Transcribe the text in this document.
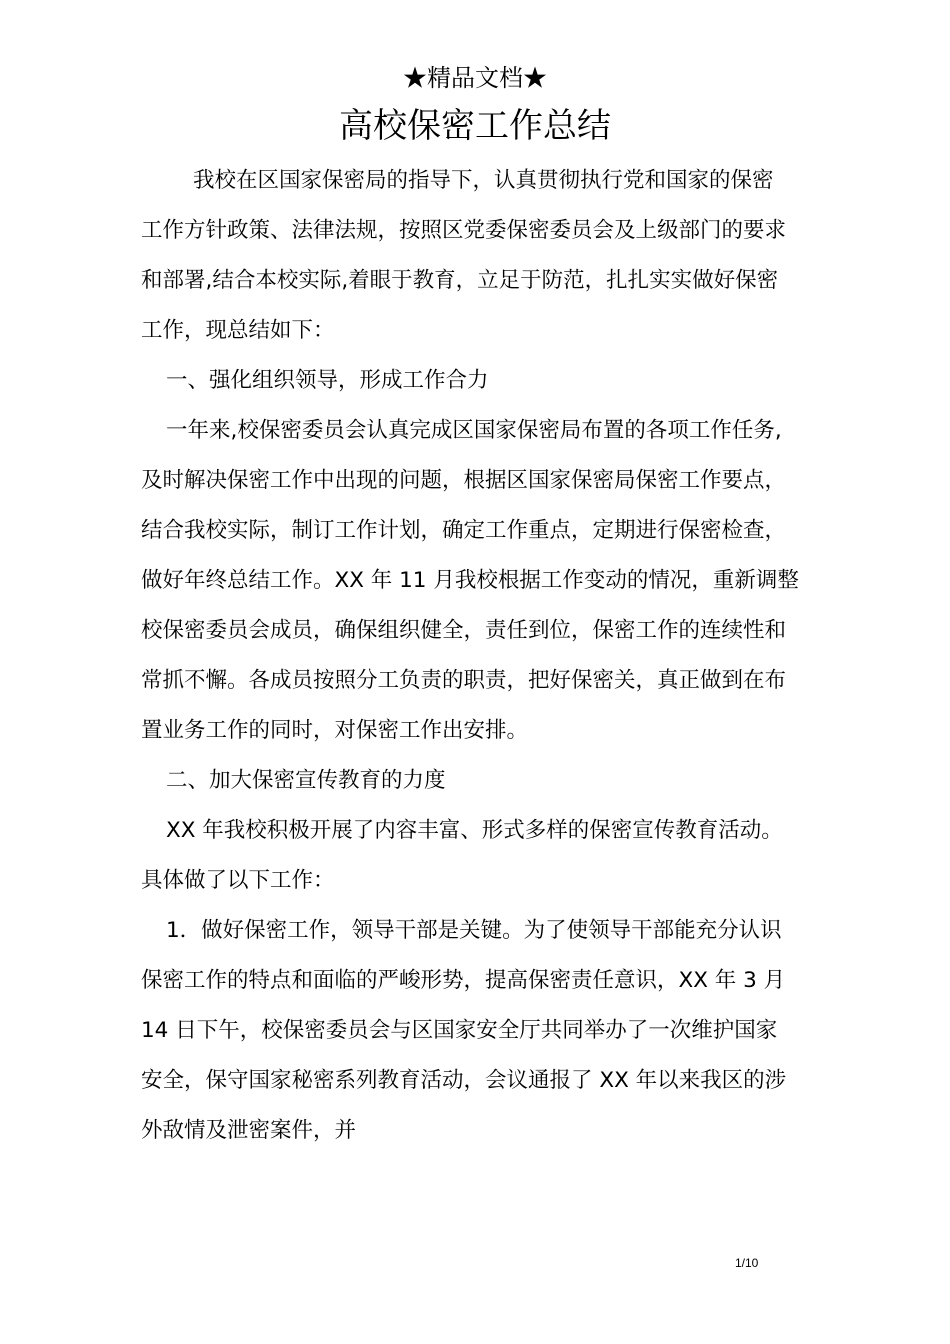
★精品文档★
高校保密工作总结
我校在区国家保密局的指导下，认真贯彻执行党和国家的保密
工作方针政策、法律法规，按照区党委保密委员会及上级部门的要求
和部署,结合本校实际,着眼于教育，立足于防范，扎扎实实做好保密
工作，现总结如下：
一、强化组织领导，形成工作合力
一年来,校保密委员会认真完成区国家保密局布置的各项工作任务,
及时解决保密工作中出现的问题，根据区国家保密局保密工作要点，
结合我校实际，制订工作计划，确定工作重点，定期进行保密检查，
做好年终总结工作。XX 年 11 月我校根据工作变动的情况，重新调整
校保密委员会成员，确保组织健全，责任到位，保密工作的连续性和
常抓不懈。各成员按照分工负责的职责，把好保密关，真正做到在布
置业务工作的同时，对保密工作出安排。
二、加大保密宣传教育的力度
XX 年我校积极开展了内容丰富、形式多样的保密宣传教育活动。
具体做了以下工作：
1．做好保密工作，领导干部是关键。为了使领导干部能充分认识
保密工作的特点和面临的严峻形势，提高保密责任意识，XX 年 3 月
14 日下午，校保密委员会与区国家安全厅共同举办了一次维护国家
安全，保守国家秘密系列教育活动，会议通报了 XX 年以来我区的涉
外敌情及泄密案件，并
1/10
